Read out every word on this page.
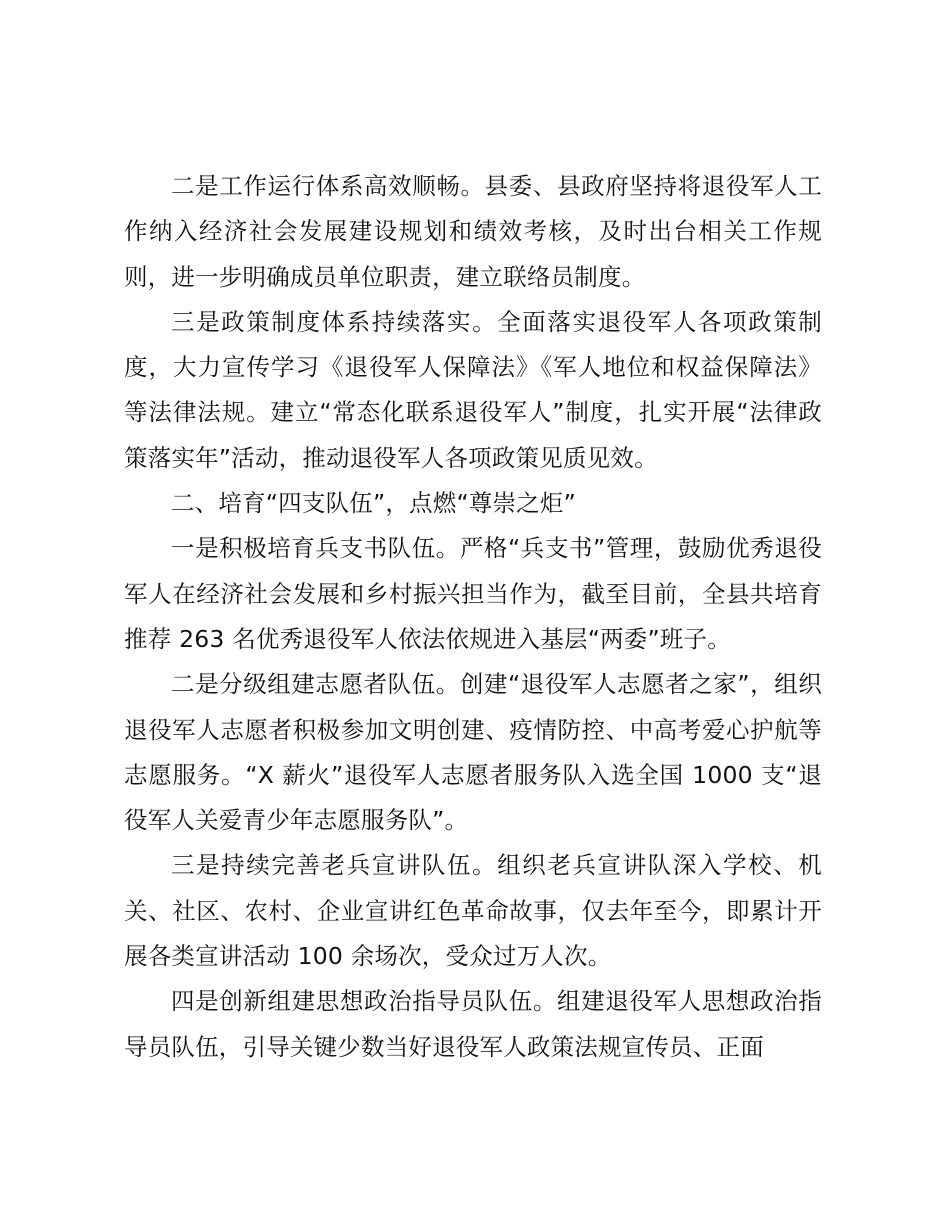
二是工作运行体系高效顺畅。县委、县政府坚持将退役军人工作纳入经济社会发展建设规划和绩效考核，及时出台相关工作规则，进一步明确成员单位职责，建立联络员制度。

三是政策制度体系持续落实。全面落实退役军人各项政策制度，大力宣传学习《退役军人保障法》《军人地位和权益保障法》等法律法规。建立“常态化联系退役军人”制度，扎实开展“法律政策落实年”活动，推动退役军人各项政策见质见效。

二、培育“四支队伍”，点燃“尊崇之炬”

一是积极培育兵支书队伍。严格“兵支书”管理，鼓励优秀退役军人在经济社会发展和乡村振兴担当作为，截至目前，全县共培育推荐 263 名优秀退役军人依法依规进入基层“两委”班子。

二是分级组建志愿者队伍。创建“退役军人志愿者之家”，组织退役军人志愿者积极参加文明创建、疫情防控、中高考爱心护航等志愿服务。“X 薪火”退役军人志愿者服务队入选全国 1000 支“退役军人关爱青少年志愿服务队”。

三是持续完善老兵宣讲队伍。组织老兵宣讲队深入学校、机关、社区、农村、企业宣讲红色革命故事，仅去年至今，即累计开展各类宣讲活动 100 余场次，受众过万人次。

四是创新组建思想政治指导员队伍。组建退役军人思想政治指导员队伍，引导关键少数当好退役军人政策法规宣传员、正面
